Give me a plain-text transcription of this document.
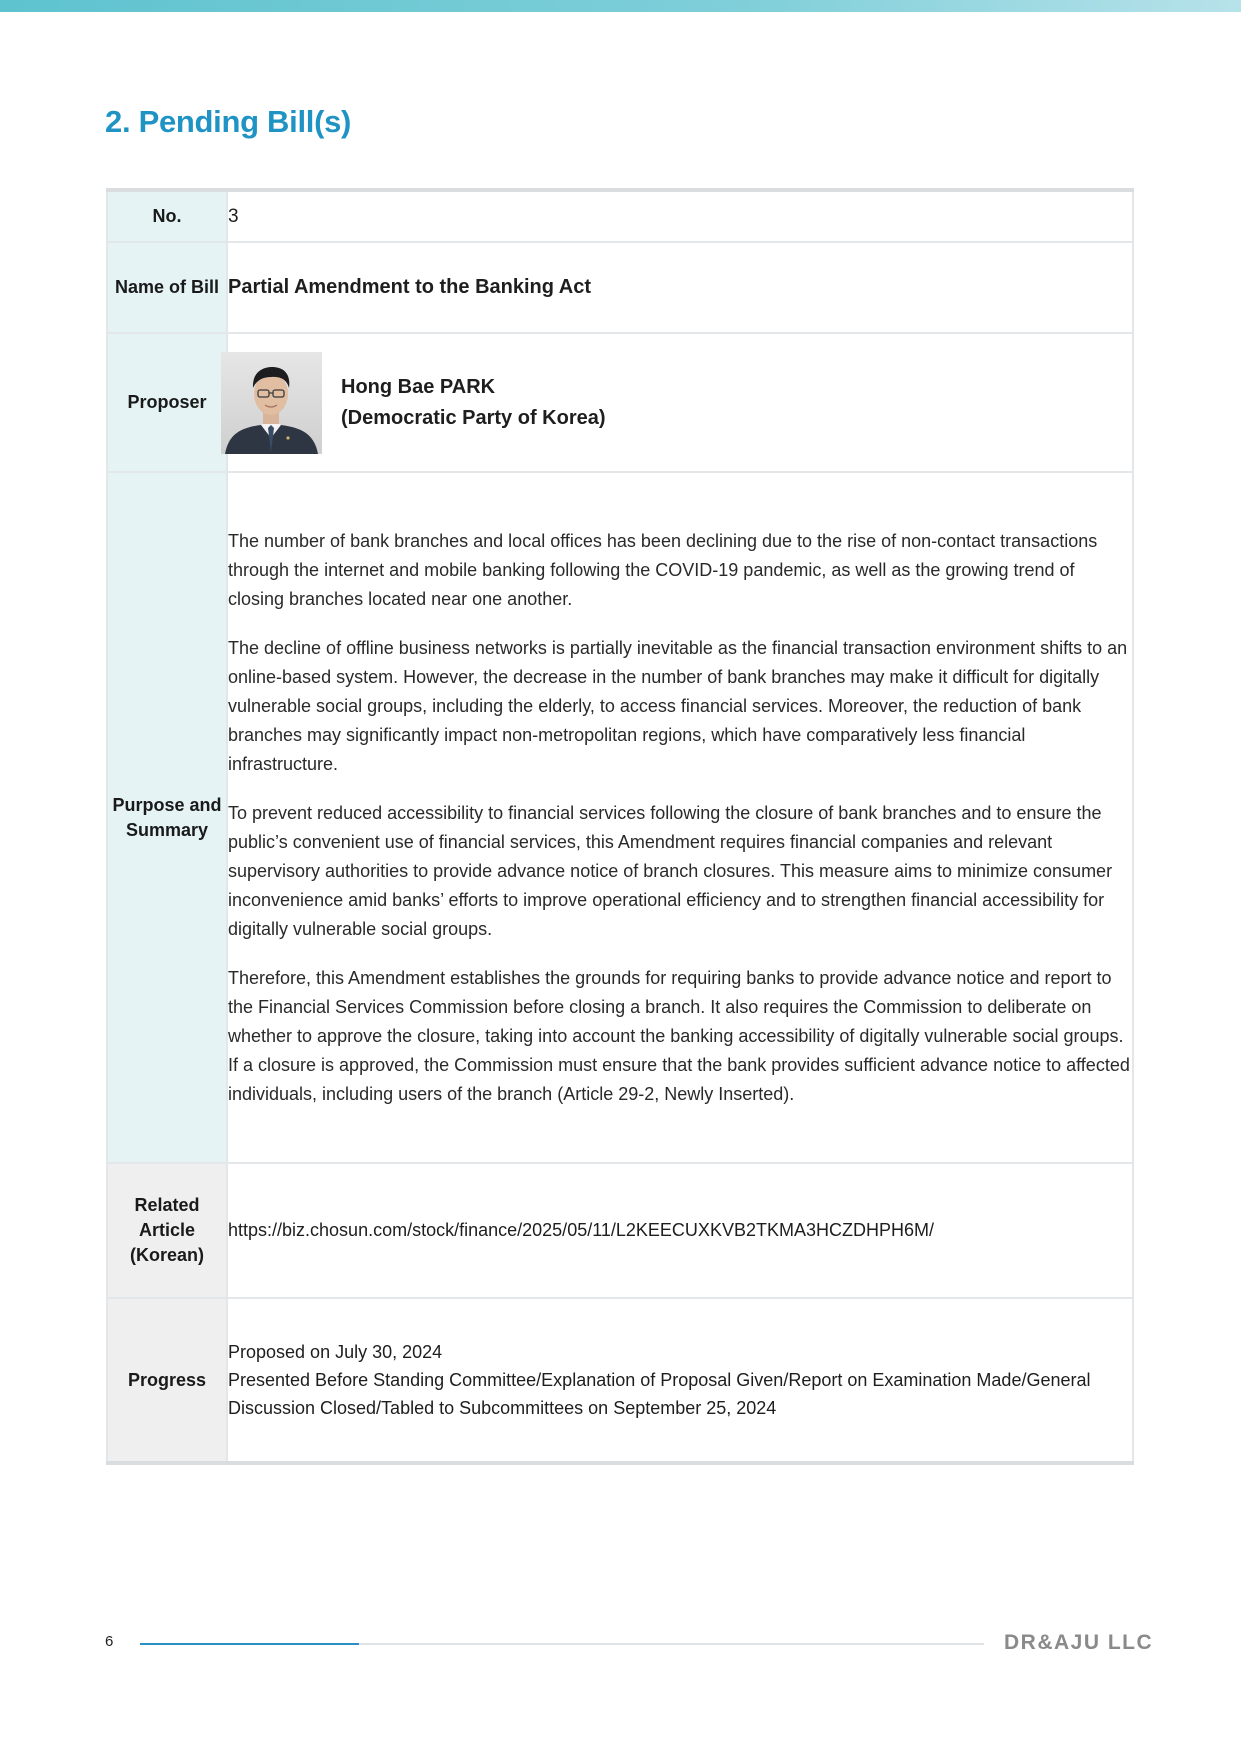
2. Pending Bill(s)
No.	3
Name of Bill	Partial Amendment to the Banking Act
Proposer	Hong Bae PARK
(Democratic Party of Korea)

Purpose and Summary	The number of bank branches and local offices has been declining due to the rise of non-contact transactions through the internet and mobile banking following the COVID-19 pandemic, as well as the growing trend of closing branches located near one another.

The decline of offline business networks is partially inevitable as the financial transaction environment shifts to an online-based system. However, the decrease in the number of bank branches may make it difficult for digitally vulnerable social groups, including the elderly, to access financial services. Moreover, the reduction of bank branches may significantly impact non-metropolitan regions, which have comparatively less financial infrastructure.

To prevent reduced accessibility to financial services following the closure of bank branches and to ensure the public’s convenient use of financial services, this Amendment requires financial companies and relevant supervisory authorities to provide advance notice of branch closures. This measure aims to minimize consumer inconvenience amid banks’ efforts to improve operational efficiency and to strengthen financial accessibility for digitally vulnerable social groups.

Therefore, this Amendment establishes the grounds for requiring banks to provide advance notice and report to the Financial Services Commission before closing a branch. It also requires the Commission to deliberate on whether to approve the closure, taking into account the banking accessibility of digitally vulnerable social groups. If a closure is approved, the Commission must ensure that the bank provides sufficient advance notice to affected individuals, including users of the branch (Article 29-2, Newly Inserted).

Related Article (Korean)	https://biz.chosun.com/stock/finance/2025/05/11/L2KEECUXKVB2TKMA3HCZDHPH6M/
Progress	Proposed on July 30, 2024
Presented Before Standing Committee/Explanation of Proposal Given/Report on Examination Made/General Discussion Closed/Tabled to Subcommittees on September 25, 2024
6	DR&AJU LLC
